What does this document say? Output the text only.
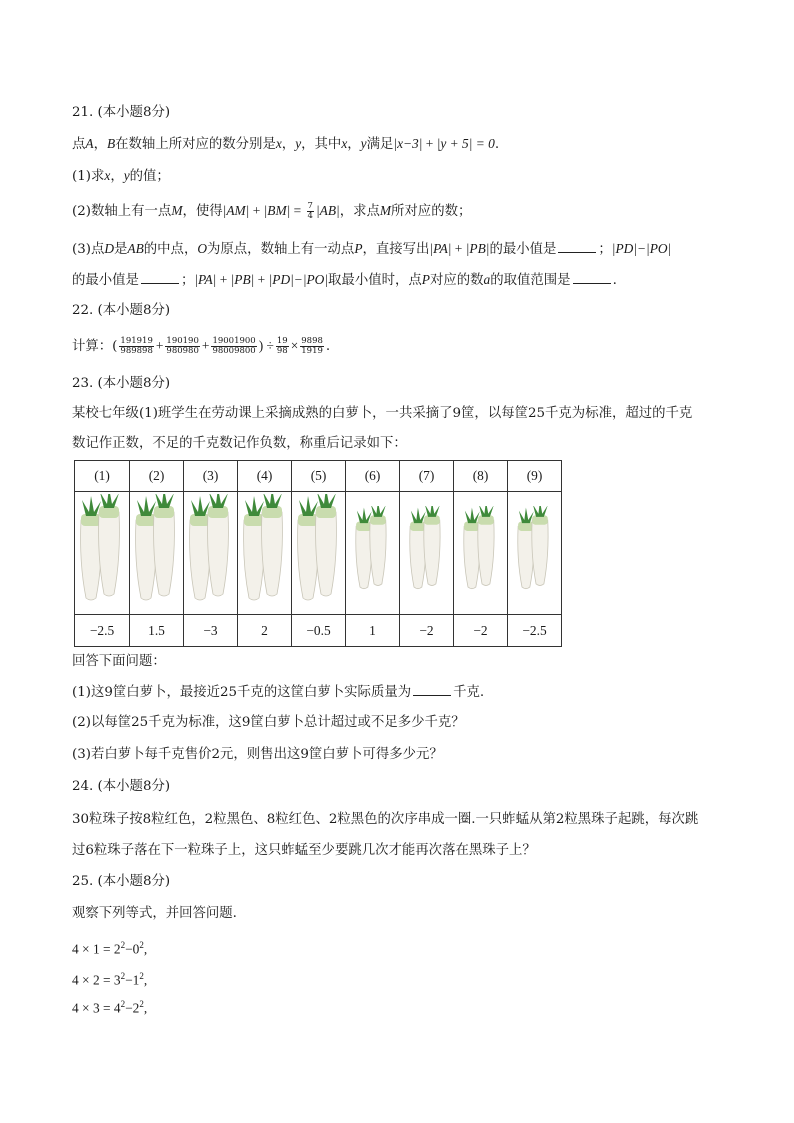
21. (本小题8分)
点A，B在数轴上所对应的数分别是x，y，其中x，y满足|x−3| + |y + 5| = 0.
(1)求x，y的值；
(2)数轴上有一点M，使得$|AM| + |BM| = \frac{7}{4} |AB|$，求点M所对应的数；
(3)点D是AB的中点，O为原点，数轴上有一动点P，直接写出|PA| + |PB|的最小值是	；|PD|−|PO|
的最小值是	；|PA| + |PB| + |PD|−|PO|取最小值时，点P对应的数a的取值范围是	.
22. (本小题8分)
计算：( $\frac{191919}{989898} + \frac{190190}{980980} + \frac{19001900}{98009800}$ ) ÷ $\frac{19}{98} \times \frac{9898}{1919}$ .
23. (本小题8分)
某校七年级(1)班学生在劳动课上采摘成熟的白萝卜，一共采摘了9筐，以每筐25千克为标准，超过的千克
数记作正数，不足的千克数记作负数，称重后记录如下：
(1)	(2)	(3)	(4)	(5)	(6)	(7)	(8)	(9)

−2.5	1.5	−3	2	−0.5	1	−2	−2	−2.5
回答下面问题：
(1)这9筐白萝卜，最接近25千克的这筐白萝卜实际质量为	千克.
(2)以每筐25千克为标准，这9筐白萝卜总计超过或不足多少千克？
(3)若白萝卜每千克售价2元，则售出这9筐白萝卜可得多少元？
24. (本小题8分)
30粒珠子按8粒红色，2粒黑色、8粒红色、2粒黑色的次序串成一圈.一只蚱蜢从第2粒黑珠子起跳，每次跳
过6粒珠子落在下一粒珠子上，这只蚱蜢至少要跳几次才能再次落在黑珠子上？
25. (本小题8分)
观察下列等式，并回答问题.
$4 \times 1 = 2^2-0^2$,
$4 \times 2 = 3^2-1^2$,
$4 \times 3 = 4^2-2^2$,
